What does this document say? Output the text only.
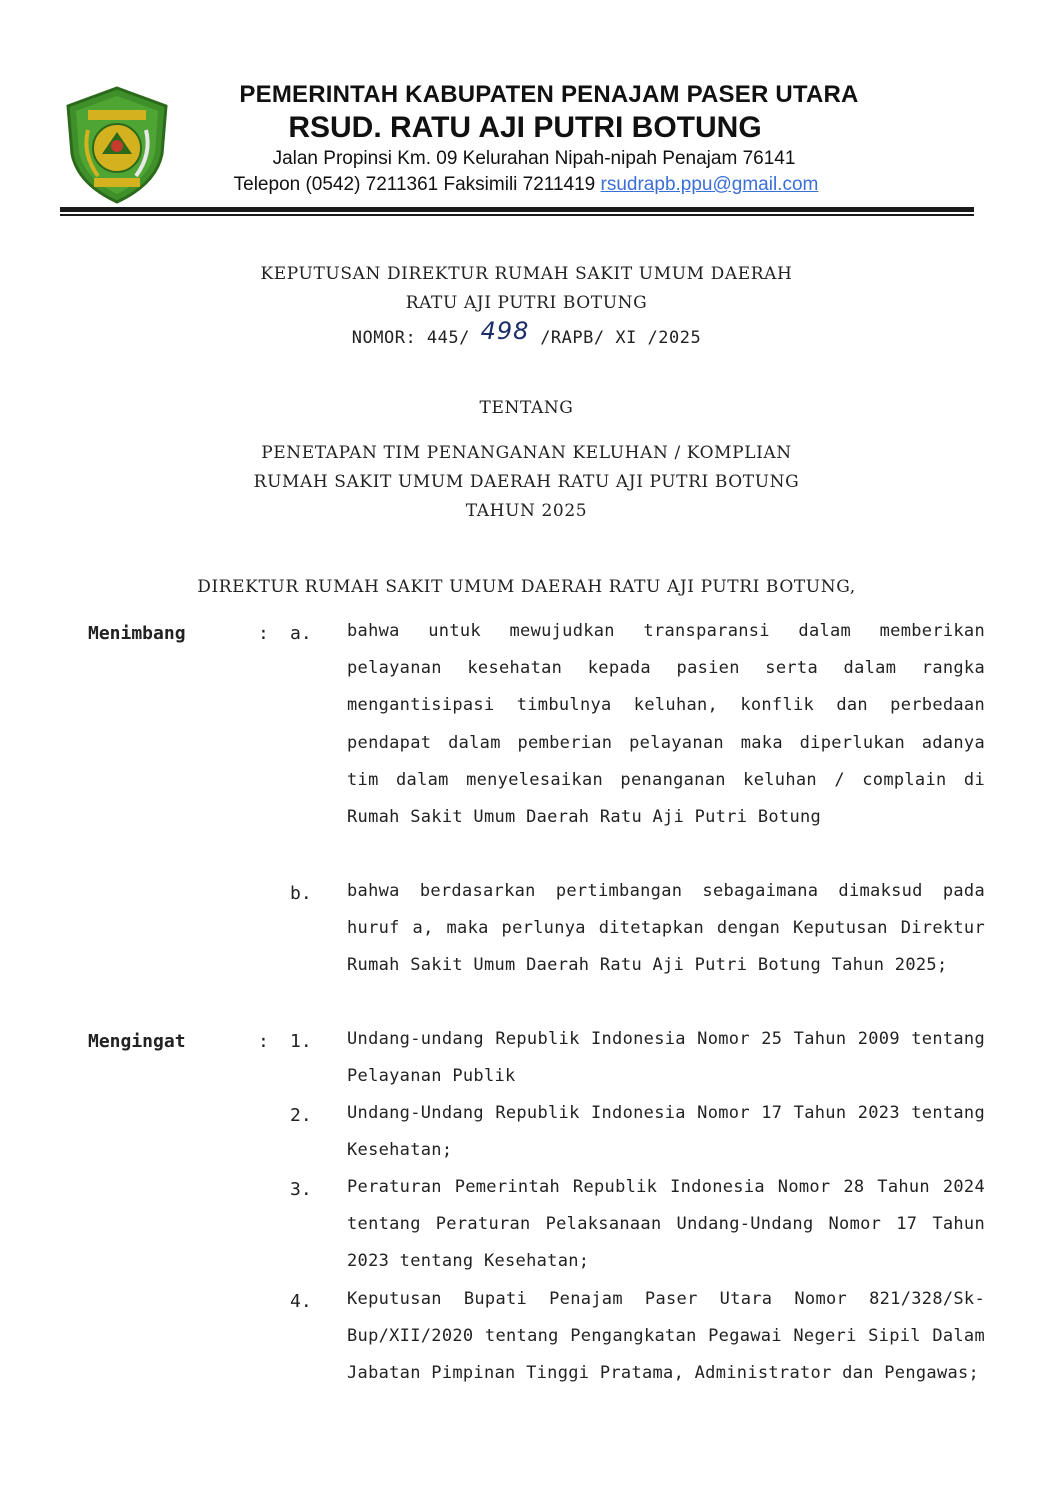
PEMERINTAH KABUPATEN PENAJAM PASER UTARA
RSUD. RATU AJI PUTRI BOTUNG
Jalan Propinsi Km. 09 Kelurahan Nipah-nipah Penajam 76141
Telepon (0542) 7211361 Faksimili 7211419 rsudrapb.ppu@gmail.com
KEPUTUSAN DIREKTUR RUMAH SAKIT UMUM DAERAH
RATU AJI PUTRI BOTUNG
NOMOR: 445/ 498 /RAPB/ XI /2025
TENTANG
PENETAPAN TIM PENANGANAN KELUHAN / KOMPLIAN
RUMAH SAKIT UMUM DAERAH RATU AJI PUTRI BOTUNG
TAHUN 2025
DIREKTUR RUMAH SAKIT UMUM DAERAH RATU AJI PUTRI BOTUNG,
Menimbang	: a. bahwa untuk mewujudkan transparansi dalam memberikan pelayanan kesehatan kepada pasien serta dalam rangka mengantisipasi timbulnya keluhan, konflik dan perbedaan pendapat dalam pemberian pelayanan maka diperlukan adanya tim dalam menyelesaikan penanganan keluhan / complain di Rumah Sakit Umum Daerah Ratu Aji Putri Botung
b. bahwa berdasarkan pertimbangan sebagaimana dimaksud pada huruf a, maka perlunya ditetapkan dengan Keputusan Direktur Rumah Sakit Umum Daerah Ratu Aji Putri Botung Tahun 2025;
Mengingat	: 1. Undang-undang Republik Indonesia Nomor 25 Tahun 2009 tentang Pelayanan Publik
2. Undang-Undang Republik Indonesia Nomor 17 Tahun 2023 tentang Kesehatan;
3. Peraturan Pemerintah Republik Indonesia Nomor 28 Tahun 2024 tentang Peraturan Pelaksanaan Undang-Undang Nomor 17 Tahun 2023 tentang Kesehatan;
4. Keputusan Bupati Penajam Paser Utara Nomor 821/328/Sk-Bup/XII/2020 tentang Pengangkatan Pegawai Negeri Sipil Dalam Jabatan Pimpinan Tinggi Pratama, Administrator dan Pengawas;
